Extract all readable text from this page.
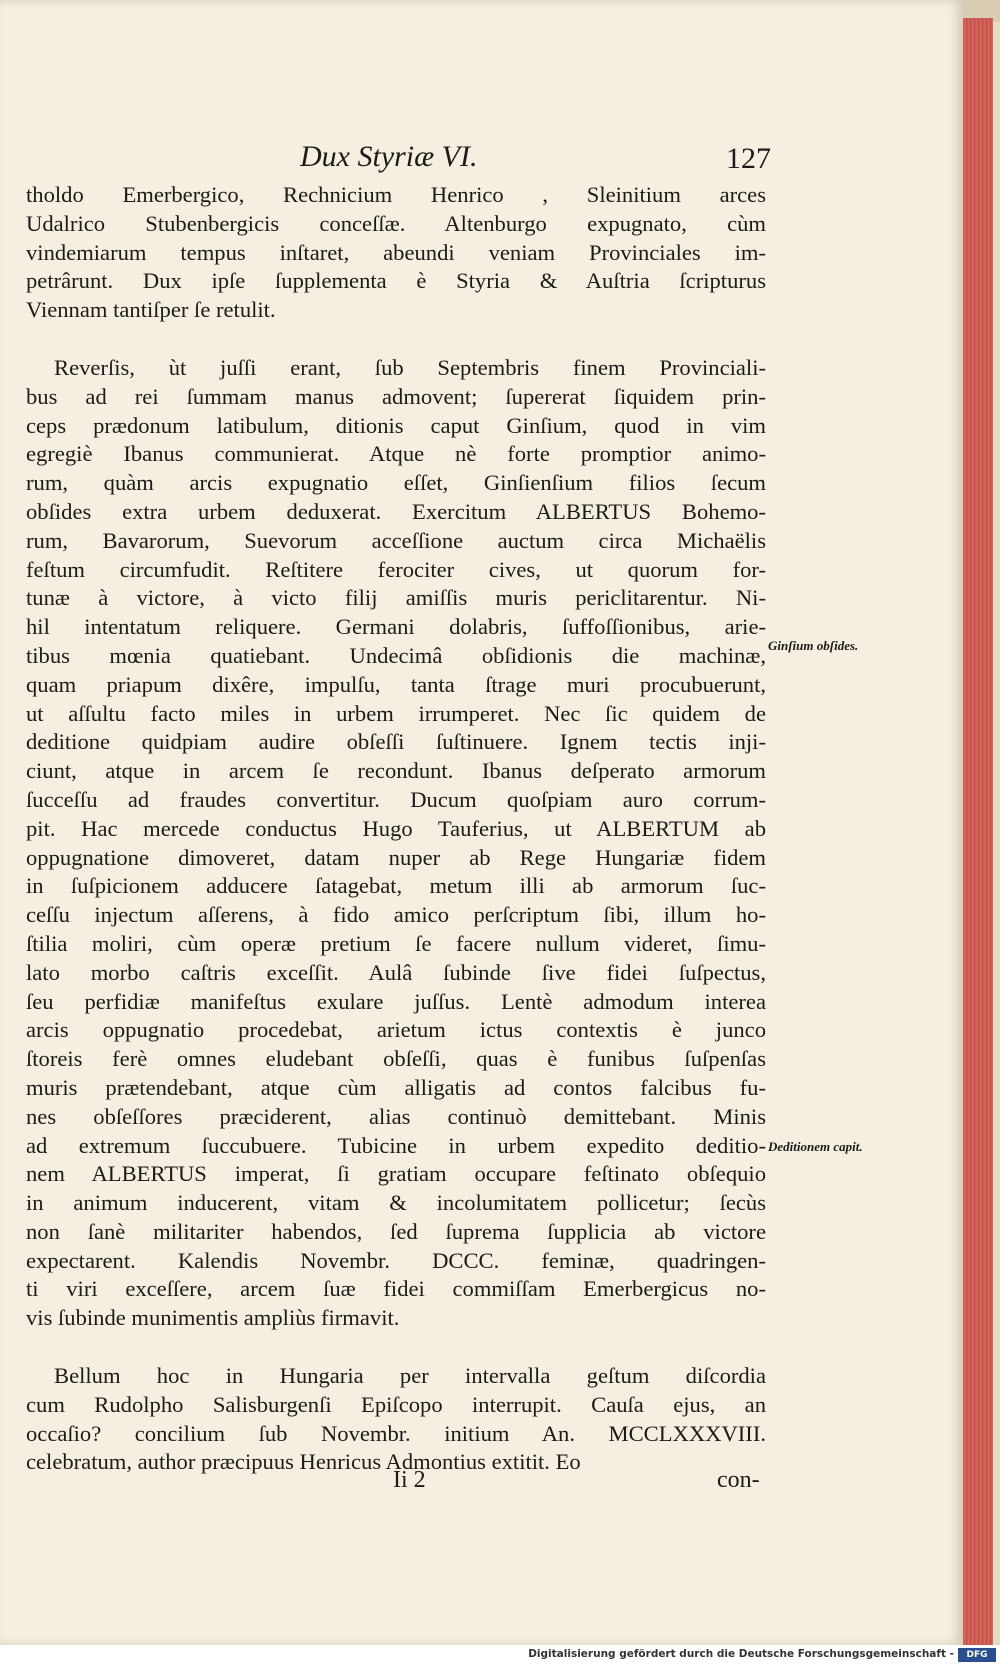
Dux Styriæ VI.	127
tholdo Emerbergico, Rechnicium Henrico , Sleinitium arces
Udalrico Stubenbergicis conceſſæ. Altenburgo expugnato, cùm
vindemiarum tempus inſtaret, abeundi veniam Provinciales im-
petrârunt. Dux ipſe ſupplementa è Styria & Auſtria ſcripturus
Viennam tantiſper ſe retulit.
Reverſis, ùt juſſi erant, ſub Septembris finem Provinciali-
bus ad rei ſummam manus admovent; ſupererat ſiquidem prin-
ceps prædonum latibulum, ditionis caput Ginſium, quod in vim
egregiè Ibanus communierat. Atque nè forte promptior animo-
rum, quàm arcis expugnatio eſſet, Ginſienſium filios ſecum
obſides extra urbem deduxerat. Exercitum ALBERTUS Bohemo-
rum, Bavarorum, Suevorum acceſſione auctum circa Michaëlis
feſtum circumfudit. Reſtitere ferociter cives, ut quorum for-
tunæ à victore, à victo filij amiſſis muris periclitarentur. Ni-
hil intentatum reliquere. Germani dolabris, ſuffoſſionibus, arie-
tibus mœnia quatiebant. Undecimâ obſidionis die machinæ,
quam priapum dixêre, impulſu, tanta ſtrage muri procubuerunt,
ut aſſultu facto miles in urbem irrumperet. Nec ſic quidem de
deditione quidpiam audire obſeſſi ſuſtinuere. Ignem tectis inji-
ciunt, atque in arcem ſe recondunt. Ibanus deſperato armorum
ſucceſſu ad fraudes convertitur. Ducum quoſpiam auro corrum-
pit. Hac mercede conductus Hugo Tauferius, ut ALBERTUM ab
oppugnatione dimoveret, datam nuper ab Rege Hungariæ fidem
in ſuſpicionem adducere ſatagebat, metum illi ab armorum ſuc-
ceſſu injectum aſſerens, à fido amico perſcriptum ſibi, illum ho-
ſtilia moliri, cùm operæ pretium ſe facere nullum videret, ſimu-
lato morbo caſtris exceſſit. Aulâ ſubinde ſive fidei ſuſpectus,
ſeu perfidiæ manifeſtus exulare juſſus. Lentè admodum interea
arcis oppugnatio procedebat, arietum ictus contextis è junco
ſtoreis ferè omnes eludebant obſeſſi, quas è funibus ſuſpenſas
muris prætendebant, atque cùm alligatis ad contos falcibus fu-
nes obſeſſores præciderent, alias continuò demittebant. Minis
ad extremum ſuccubuere. Tubicine in urbem expedito deditio-
nem ALBERTUS imperat, ſi gratiam occupare feſtinato obſequio
in animum inducerent, vitam & incolumitatem pollicetur; ſecùs
non ſanè militariter habendos, ſed ſuprema ſupplicia ab victore
expectarent. Kalendis Novembr. DCCC. feminæ, quadringen-
ti viri exceſſere, arcem ſuæ fidei commiſſam Emerbergicus no-
vis ſubinde munimentis ampliùs firmavit.
Bellum hoc in Hungaria per intervalla geſtum diſcordia
cum Rudolpho Salisburgenſi Epiſcopo interrupit. Cauſa ejus, an
occaſio? concilium ſub Novembr. initium An. MCCLXXXVIII.
celebratum, author præcipuus Henricus Admontius extitit. Eo
Ginſium obſides.
Deditionem capit.
Ii 2	con-
Digitalisierung gefördert durch die Deutsche Forschungsgemeinschaft -	DFG
